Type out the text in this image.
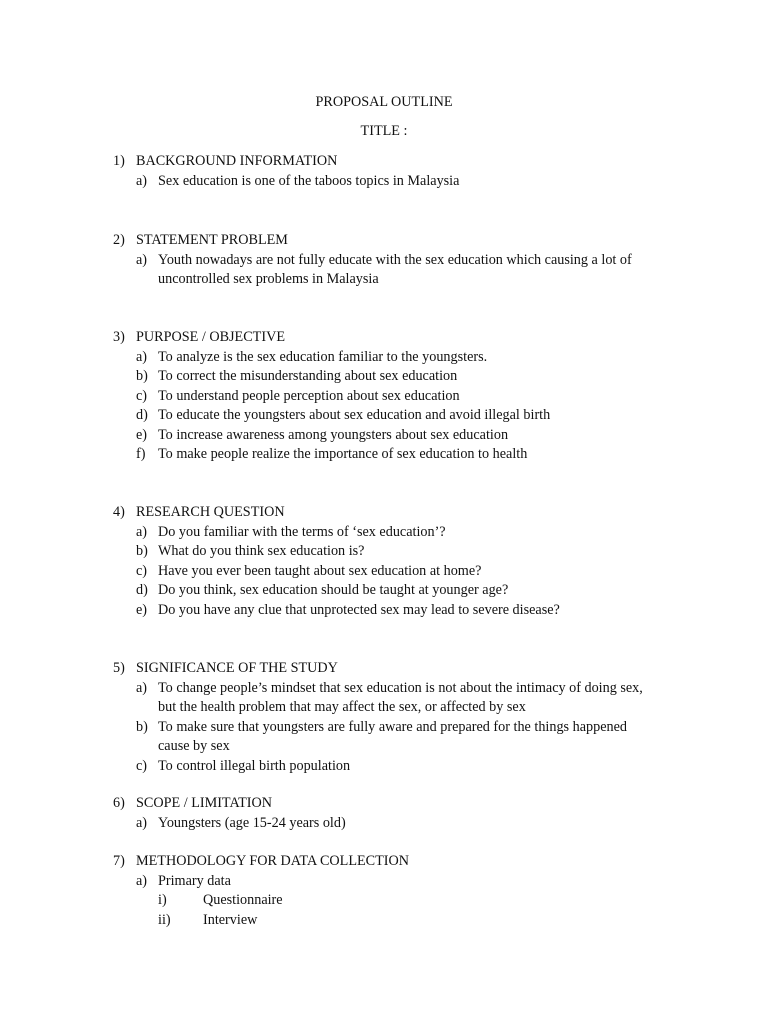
PROPOSAL OUTLINE
TITLE :
1) BACKGROUND INFORMATION
a) Sex education is one of the taboos topics in Malaysia
2) STATEMENT PROBLEM
a) Youth nowadays are not fully educate with the sex education which causing a lot of
uncontrolled sex problems in Malaysia
3) PURPOSE / OBJECTIVE
a) To analyze is the sex education familiar to the youngsters.
b) To correct the misunderstanding about sex education
c) To understand people perception about sex education
d) To educate the youngsters about sex education and avoid illegal birth
e) To increase awareness among youngsters about sex education
f) To make people realize the importance of sex education to health
4) RESEARCH QUESTION
a) Do you familiar with the terms of ‘sex education’?
b) What do you think sex education is?
c) Have you ever been taught about sex education at home?
d) Do you think, sex education should be taught at younger age?
e) Do you have any clue that unprotected sex may lead to severe disease?
5) SIGNIFICANCE OF THE STUDY
a) To change people’s mindset that sex education is not about the intimacy of doing sex,
but the health problem that may affect the sex, or affected by sex
b) To make sure that youngsters are fully aware and prepared for the things happened
cause by sex
c) To control illegal birth population
6) SCOPE / LIMITATION
a) Youngsters (age 15-24 years old)
7) METHODOLOGY FOR DATA COLLECTION
a) Primary data
i)	Questionnaire
ii)	Interview
